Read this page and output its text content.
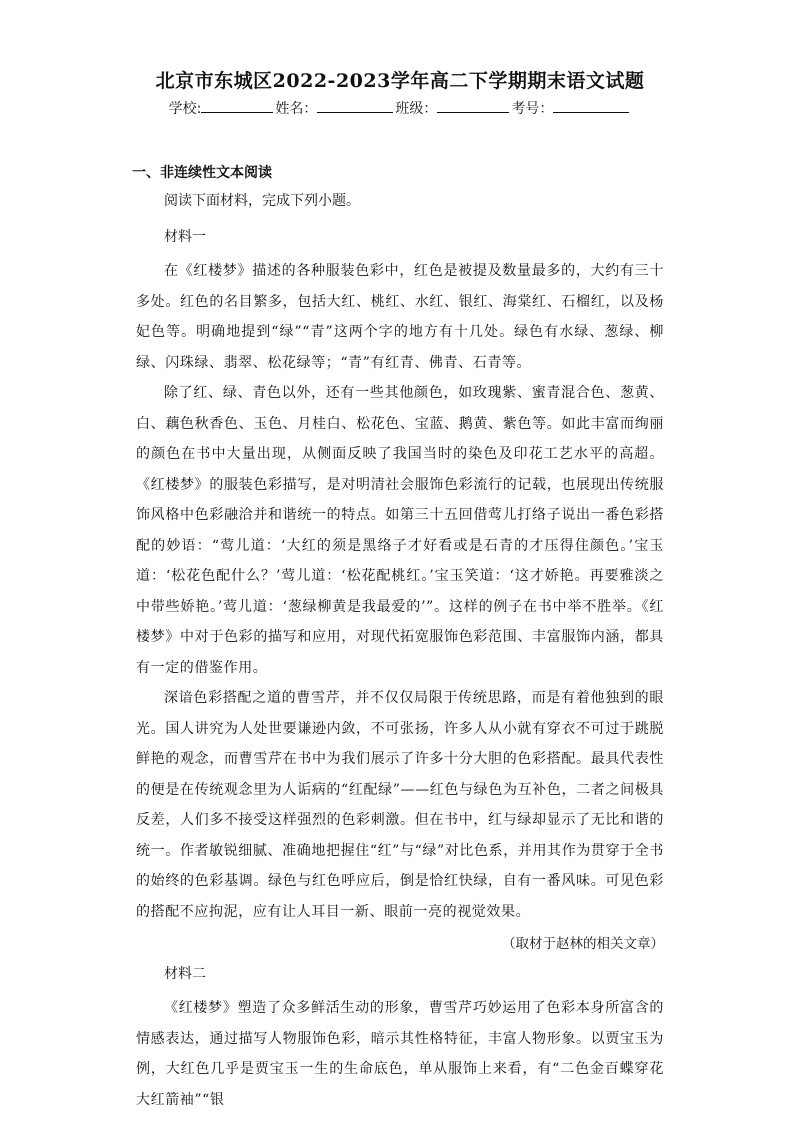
北京市东城区2022-2023学年高二下学期期末语文试题
学校:	姓名：	班级：	考号：
一、非连续性文本阅读
阅读下面材料，完成下列小题。
材料一

在《红楼梦》描述的各种服装色彩中，红色是被提及数量最多的，大约有三十多处。红色的名目繁多，包括大红、桃红、水红、银红、海棠红、石榴红，以及杨妃色等。明确地提到“绿”“青”这两个字的地方有十几处。绿色有水绿、葱绿、柳绿、闪珠绿、翡翠、松花绿等；“青”有红青、佛青、石青等。

除了红、绿、青色以外，还有一些其他颜色，如玫瑰紫、蜜青混合色、葱黄、白、藕色秋香色、玉色、月桂白、松花色、宝蓝、鹅黄、紫色等。如此丰富而绚丽的颜色在书中大量出现，从侧面反映了我国当时的染色及印花工艺水平的高超。《红楼梦》的服装色彩描写，是对明清社会服饰色彩流行的记载，也展现出传统服饰风格中色彩融洽并和谐统一的特点。如第三十五回借莺儿打络子说出一番色彩搭配的妙语：“莺儿道：‘大红的须是黑络子才好看或是石青的才压得住颜色。’宝玉道：‘松花色配什么？’莺儿道：‘松花配桃红。’宝玉笑道：‘这才娇艳。再要雅淡之中带些娇艳。’莺儿道：‘葱绿柳黄是我最爱的’”。这样的例子在书中举不胜举。《红楼梦》中对于色彩的描写和应用，对现代拓宽服饰色彩范围、丰富服饰内涵，都具有一定的借鉴作用。

深谙色彩搭配之道的曹雪芹，并不仅仅局限于传统思路，而是有着他独到的眼光。国人讲究为人处世要谦逊内敛，不可张扬，许多人从小就有穿衣不可过于跳脱鲜艳的观念，而曹雪芹在书中为我们展示了许多十分大胆的色彩搭配。最具代表性的便是在传统观念里为人诟病的“红配绿”——红色与绿色为互补色，二者之间极具反差，人们多不接受这样强烈的色彩刺激。但在书中，红与绿却显示了无比和谐的统一。作者敏锐细腻、准确地把握住“红”与“绿”对比色系，并用其作为贯穿于全书的始终的色彩基调。绿色与红色呼应后，倒是恰红快绿，自有一番风味。可见色彩的搭配不应拘泥，应有让人耳目一新、眼前一亮的视觉效果。

（取材于赵林的相关文章）
材料二

《红楼梦》塑造了众多鲜活生动的形象，曹雪芹巧妙运用了色彩本身所富含的情感表达，通过描写人物服饰色彩，暗示其性格特征，丰富人物形象。以贾宝玉为例，大红色几乎是贾宝玉一生的生命底色，单从服饰上来看，有“二色金百蝶穿花大红箭袖”“银
